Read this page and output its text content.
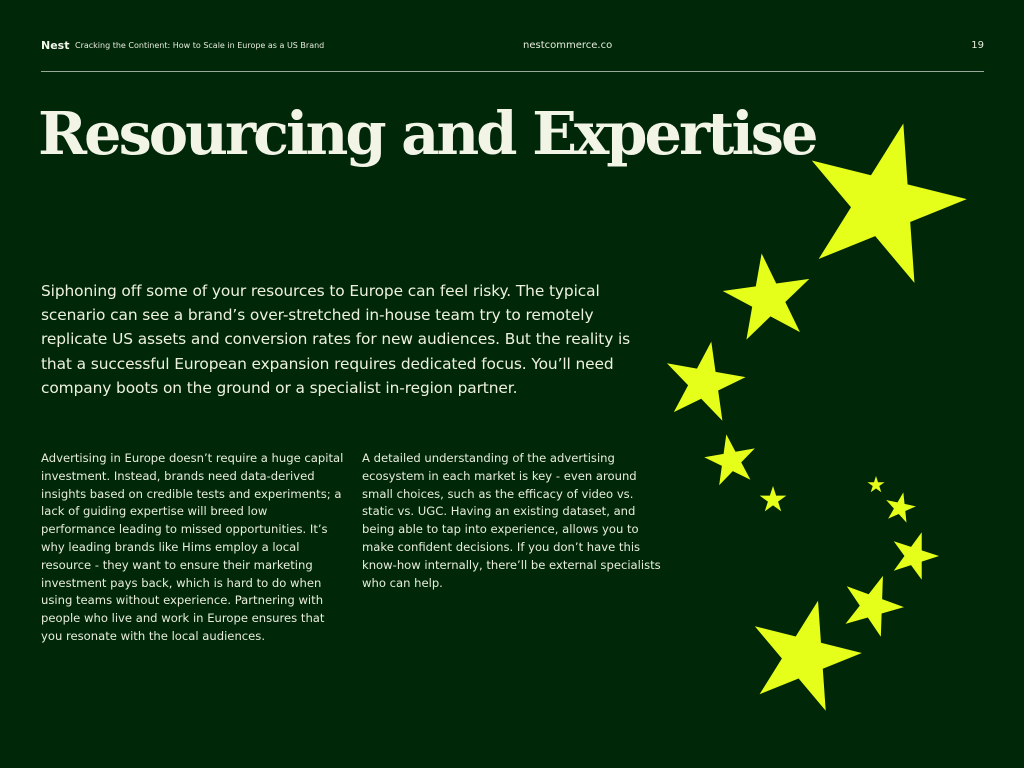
Nest Cracking the Continent: How to Scale in Europe as a US Brand	nestcommerce.co	19
Resourcing and Expertise

Siphoning off some of your resources to Europe can feel risky. The typical scenario can see a brand’s over-stretched in-house team try to remotely replicate US assets and conversion rates for new audiences. But the reality is that a successful European expansion requires dedicated focus. You’ll need company boots on the ground or a specialist in-region partner.

Advertising in Europe doesn’t require a huge capital investment. Instead, brands need data-derived insights based on credible tests and experiments; a lack of guiding expertise will breed low performance leading to missed opportunities. It’s why leading brands like Hims employ a local resource - they want to ensure their marketing investment pays back, which is hard to do when using teams without experience. Partnering with people who live and work in Europe ensures that you resonate with the local audiences.

A detailed understanding of the advertising ecosystem in each market is key - even around small choices, such as the efficacy of video vs. static vs. UGC. Having an existing dataset, and being able to tap into experience, allows you to make confident decisions. If you don’t have this know-how internally, there’ll be external specialists who can help.
